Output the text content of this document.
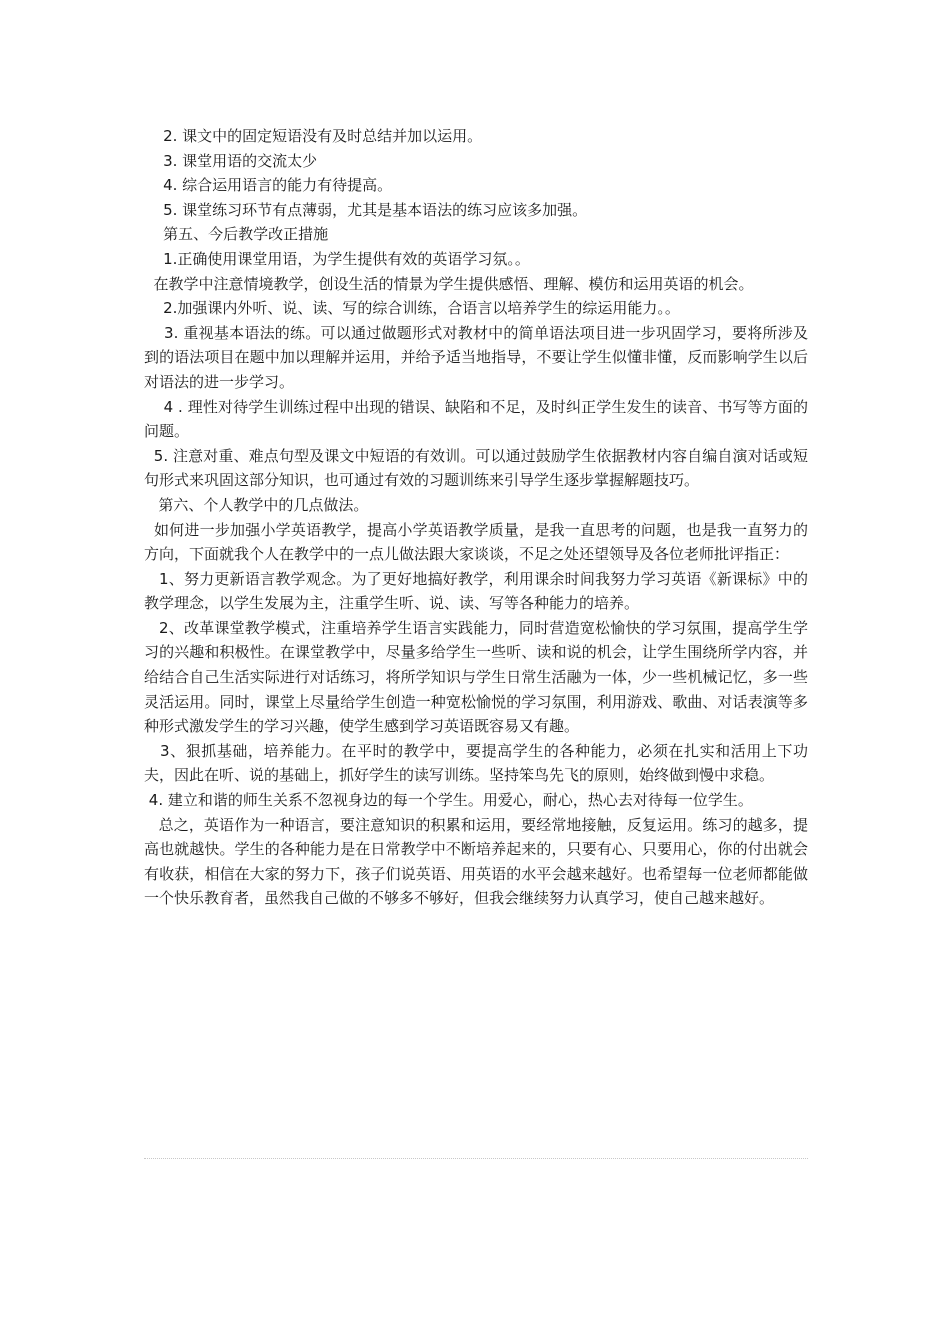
2. 课文中的固定短语没有及时总结并加以运用。

3. 课堂用语的交流太少

4. 综合运用语言的能力有待提高。

5. 课堂练习环节有点薄弱，尤其是基本语法的练习应该多加强。

第五、今后教学改正措施

1.正确使用课堂用语，为学生提供有效的英语学习氛。。

在教学中注意情境教学，创设生活的情景为学生提供感悟、理解、模仿和运用英语的机会。

2.加强课内外听、说、读、写的综合训练，合语言以培养学生的综运用能力。。

3. 重视基本语法的练。可以通过做题形式对教材中的简单语法项目进一步巩固学习，要将所涉及到的语法项目在题中加以理解并运用，并给予适当地指导，不要让学生似懂非懂，反而影响学生以后对语法的进一步学习。

4 . 理性对待学生训练过程中出现的错误、缺陷和不足，及时纠正学生发生的读音、书写等方面的问题。

5. 注意对重、难点句型及课文中短语的有效训。可以通过鼓励学生依据教材内容自编自演对话或短句形式来巩固这部分知识，也可通过有效的习题训练来引导学生逐步掌握解题技巧。

第六、个人教学中的几点做法。

如何进一步加强小学英语教学，提高小学英语教学质量，是我一直思考的问题，也是我一直努力的方向，下面就我个人在教学中的一点儿做法跟大家谈谈，不足之处还望领导及各位老师批评指正：

1、努力更新语言教学观念。为了更好地搞好教学，利用课余时间我努力学习英语《新课标》中的教学理念，以学生发展为主，注重学生听、说、读、写等各种能力的培养。

2、改革课堂教学模式，注重培养学生语言实践能力，同时营造宽松愉快的学习氛围，提高学生学习的兴趣和积极性。在课堂教学中，尽量多给学生一些听、读和说的机会，让学生围绕所学内容，并给结合自己生活实际进行对话练习，将所学知识与学生日常生活融为一体，少一些机械记忆，多一些灵活运用。同时，课堂上尽量给学生创造一种宽松愉悦的学习氛围，利用游戏、歌曲、对话表演等多种形式激发学生的学习兴趣，使学生感到学习英语既容易又有趣。

3、狠抓基础，培养能力。在平时的教学中，要提高学生的各种能力，必须在扎实和活用上下功夫，因此在听、说的基础上，抓好学生的读写训练。坚持笨鸟先飞的原则，始终做到慢中求稳。

4. 建立和谐的师生关系不忽视身边的每一个学生。用爱心，耐心，热心去对待每一位学生。

总之，英语作为一种语言，要注意知识的积累和运用，要经常地接触，反复运用。练习的越多，提高也就越快。学生的各种能力是在日常教学中不断培养起来的，只要有心、只要用心，你的付出就会有收获，相信在大家的努力下，孩子们说英语、用英语的水平会越来越好。也希望每一位老师都能做一个快乐教育者，虽然我自己做的不够多不够好，但我会继续努力认真学习，使自己越来越好。
